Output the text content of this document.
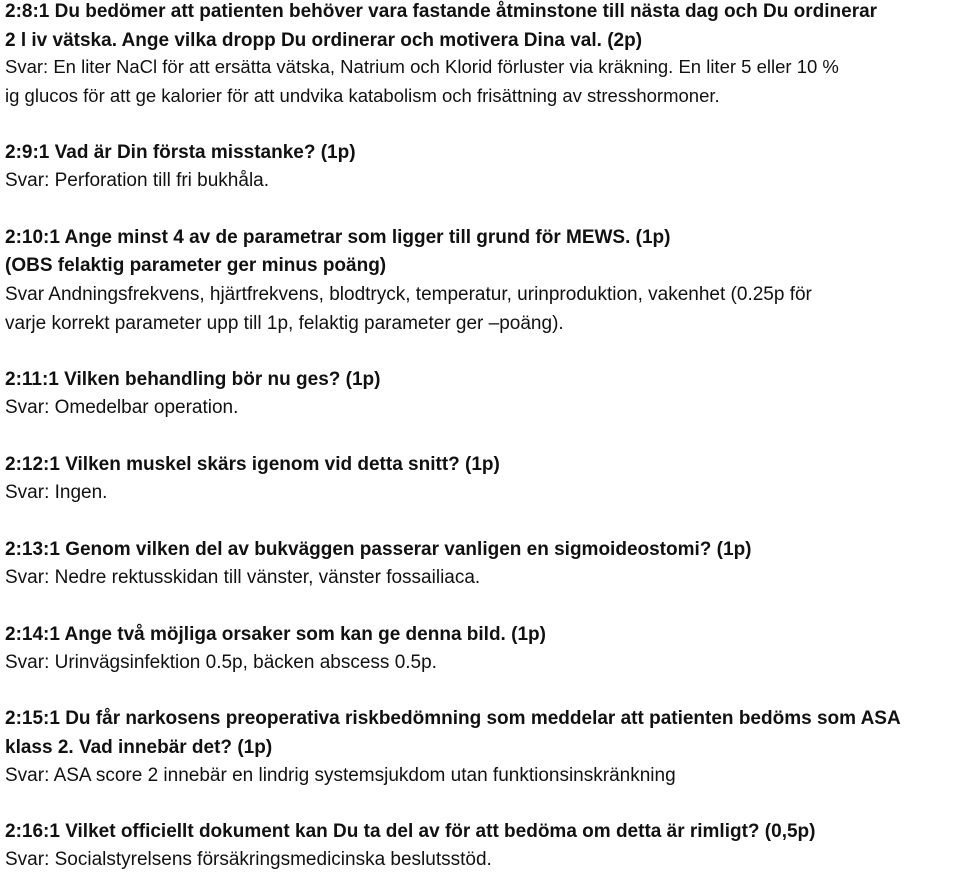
2:8:1 Du bedömer att patienten behöver vara fastande åtminstone till nästa dag och Du ordinerar
2 l iv vätska. Ange vilka dropp Du ordinerar och motivera Dina val. (2p)
Svar: En liter NaCl för att ersätta vätska, Natrium och Klorid förluster via kräkning. En liter 5 eller 10 %
ig glucos för att ge kalorier för att undvika katabolism och frisättning av stresshormoner.
2:9:1 Vad är Din första misstanke? (1p)
Svar: Perforation till fri bukhåla.
2:10:1 Ange minst 4 av de parametrar som ligger till grund för MEWS. (1p)
(OBS felaktig parameter ger minus poäng)
Svar Andningsfrekvens, hjärtfrekvens, blodtryck, temperatur, urinproduktion, vakenhet (0.25p för
varje korrekt parameter upp till 1p, felaktig parameter ger –poäng).
2:11:1 Vilken behandling bör nu ges? (1p)
Svar: Omedelbar operation.
2:12:1 Vilken muskel skärs igenom vid detta snitt? (1p)
Svar: Ingen.
2:13:1 Genom vilken del av bukväggen passerar vanligen en sigmoideostomi? (1p)
Svar: Nedre rektusskidan till vänster, vänster fossailiaca.
2:14:1 Ange två möjliga orsaker som kan ge denna bild. (1p)
Svar: Urinvägsinfektion 0.5p, bäcken abscess 0.5p.
2:15:1 Du får narkosens preoperativa riskbedömning som meddelar att patienten bedöms som ASA
klass 2. Vad innebär det? (1p)
Svar: ASA score 2 innebär en lindrig systemsjukdom utan funktionsinskränkning
2:16:1 Vilket officiellt dokument kan Du ta del av för att bedöma om detta är rimligt? (0,5p)
Svar: Socialstyrelsens försäkringsmedicinska beslutsstöd.
